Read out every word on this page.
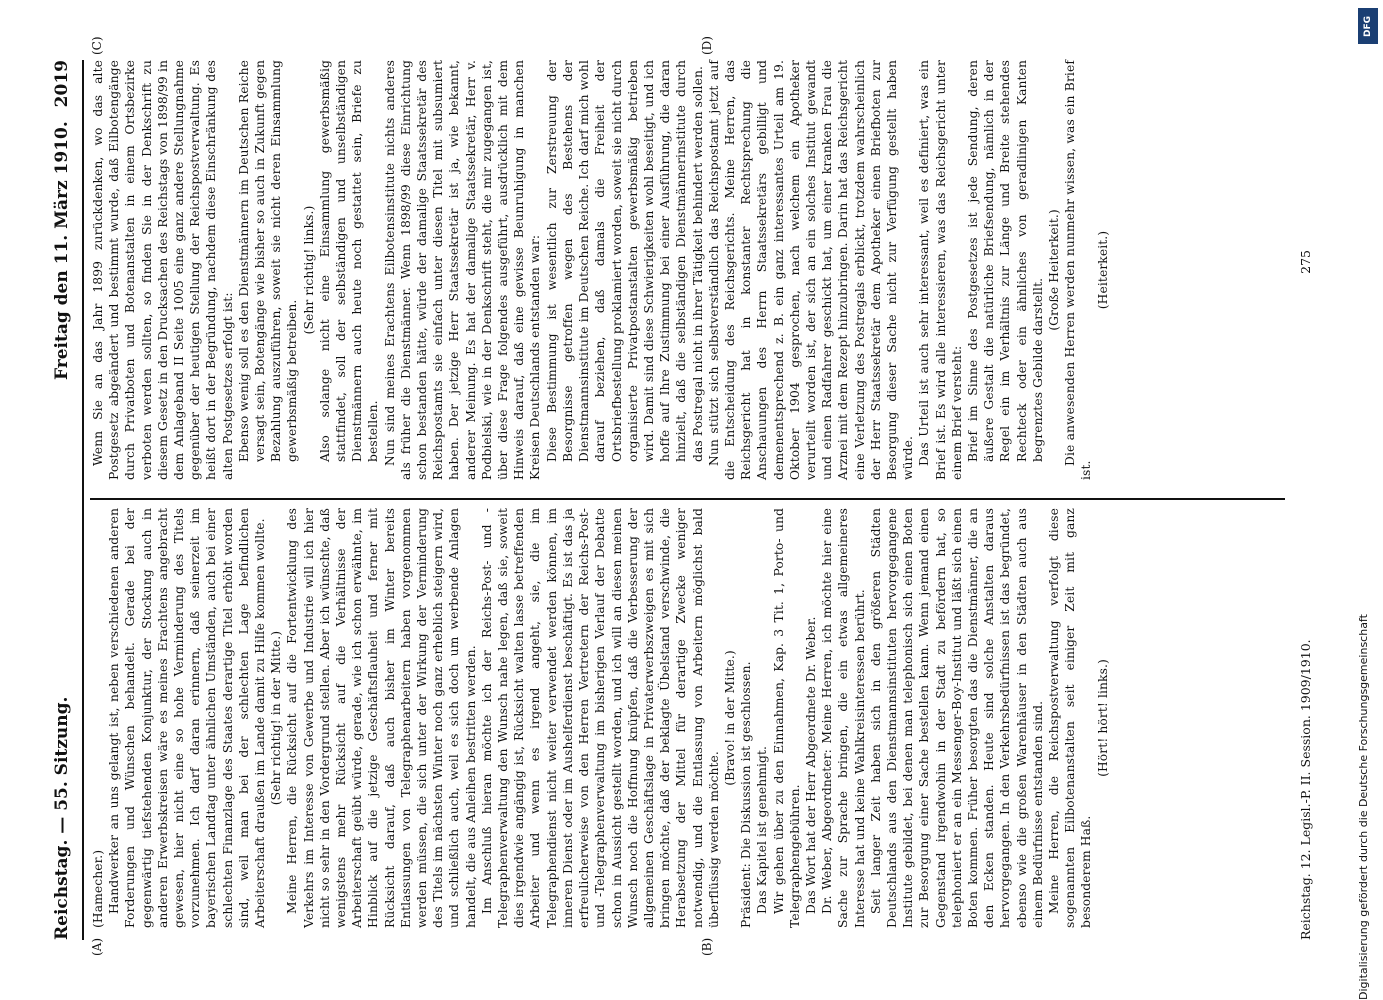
Reichstag. — 55. Sitzung.
Freitag den 11. März 1910.
2019
(A)	(B)
(C)	(D)

(Hamecher.) Handwerker an uns gelangt ist, neben verschiedenen anderen Forderungen und Wünschen behandelt. Gerade bei der gegenwärtig tiefstehenden Konjunktur, der Stockung auch in anderen Erwerbskreisen wäre es meines Erachtens angebracht gewesen, hier nicht eine so hohe Verminderung des Titels vorzunehmen. Ich darf daran erinnern, daß seinerzeit im bayerischen Landtag unter ähnlichen Umständen, auch bei einer schlechten Finanzlage des Staates derartige Titel erhöht worden sind, weil man bei der schlechten Lage befindlichen Arbeiterschaft draußen im Lande damit zu Hilfe kommen wollte. (Sehr richtig! in der Mitte.) Meine Herren, die Rücksicht auf die Fortentwicklung des Verkehrs im Interesse von Gewerbe und Industrie will ich hier nicht so sehr in den Vordergrund stellen. Aber ich wünschte, daß wenigstens mehr Rücksicht auf die Verhältnisse der Arbeiterschaft geübt würde, gerade, wie ich schon erwähnte, im Hinblick auf die jetzige Geschäftsflauheit und ferner mit Rücksicht darauf, daß auch bisher im Winter bereits Entlassungen von Telegraphenarbeitern haben vorgenommen werden müssen, die sich unter der Wirkung der Verminderung des Titels im nächsten Winter noch ganz erheblich steigern wird, und schließlich auch, weil es sich doch um werbende Anlagen handelt, die aus Anleihen bestritten werden. Im Anschluß hieran möchte ich der Reichs-Post- und -Telegraphenverwaltung den Wunsch nahe legen, daß sie, soweit dies irgendwie angängig ist, Rücksicht walten lasse betreffenden Arbeiter und wenn es irgend angeht, sie, die im Telegraphendienst nicht weiter verwendet werden können, im inneren Dienst oder im Aushelferdienst beschäftigt. Es ist das ja erfreulicherweise von den Herren Vertretern der Reichs-Post- und -Telegraphenverwaltung im bisherigen Verlauf der Debatte schon in Aussicht gestellt worden, und ich will an diesen meinen Wunsch noch die Hoffnung knüpfen, daß die Verbesserung der allgemeinen Geschäftslage in Privaterwerbszweigen es mit sich bringen möchte, daß der beklagte Übelstand verschwinde, die Herabsetzung der Mittel für derartige Zwecke weniger notwendig, und die Entlassung von Arbeitern möglichst bald überflüssig werden möchte.

(Bravo! in der Mitte.) Präsident: Die Diskussion ist geschlossen. Das Kapitel ist genehmigt. Wir gehen über zu den Einnahmen, Kap. 3 Tit. 1, Porto- und Telegraphengebühren. Das Wort hat der Herr Abgeordnete Dr. Weber. Dr. Weber, Abgeordneter: Meine Herren, ich möchte hier eine Sache zur Sprache bringen, die ein etwas allgemeineres Interesse hat und keine Wahlkreisinteressen berührt. Seit langer Zeit haben sich in den größeren Städten Deutschlands aus den Dienstmannsinstituten hervorgegangene Institute gebildet, bei denen man telephonisch sich einen Boten zur Besorgung einer Sache bestellen kann. Wenn jemand einen Gegenstand irgendwohin in der Stadt zu befördern hat, so telephoniert er an ein Messenger-Boy-Institut und läßt sich einen Boten kommen. Früher besorgten das die Dienstmänner, die an den Ecken standen. Heute sind solche Anstalten daraus hervorgegangen. In den Verkehrsbedürfnissen ist das begründet, ebenso wie die großen Warenhäuser in den Städten auch aus einem Bedürfnisse entstanden sind. Meine Herren, die Reichspostverwaltung verfolgt diese sogenannten Eilbotenanstalten seit einiger Zeit mit ganz besonderem Haß.

(Hört! hört! links.)

Wenn Sie an das Jahr 1899 zurückdenken, wo das alte Postgesetz abgeändert und bestimmt wurde, daß Eilbotengänge durch Privatboten und Botenanstalten in einem Ortsbezirke verboten werden sollten, so finden Sie in der Denkschrift zu diesem Gesetz in den Drucksachen des Reichstags von 1898/99 in dem Anlageband II Seite 1005 eine ganz andere Stellungnahme gegenüber der heutigen Stellung der Reichspostverwaltung. Es heißt dort in der Begründung, nachdem diese Einschränkung des alten Postgesetzes erfolgt ist: Ebenso wenig soll es den Dienstmännern im Deutschen Reiche versagt sein, Botengänge wie bisher so auch in Zukunft gegen Bezahlung auszuführen, soweit sie nicht deren Einsammlung gewerbsmäßig betreiben.

(Sehr richtig! links.) Also solange nicht eine Einsammlung gewerbsmäßig stattfindet, soll der selbständigen und unselbständigen Dienstmännern auch heute noch gestattet sein, Briefe zu bestellen. Nun sind meines Erachtens Eilbotensinstitute nichts anderes als früher die Dienstmänner. Wenn 1898/99 diese Einrichtung schon bestanden hätte, würde der damalige Staatssekretär des Reichspostamts sie einfach unter diesen Titel mit subsumiert haben. Der jetzige Herr Staatssekretär ist ja, wie bekannt, anderer Meinung. Es hat der damalige Staatssekretär, Herr v. Podbielski, wie in der Denkschrift steht, die mir zugegangen ist, über diese Frage folgendes ausgeführt, ausdrücklich mit dem Hinweis darauf, daß eine gewisse Beunruhigung in manchen Kreisen Deutschlands entstanden war: Diese Bestimmung ist wesentlich zur Zerstreuung der Besorgnisse getroffen wegen des Bestehens der Dienstmannsinstitute im Deutschen Reiche. Ich darf mich wohl darauf beziehen, daß damals die Freiheit der Ortsbriefbestellung proklamiert worden, soweit sie nicht durch organisierte Privatpostanstalten gewerbsmäßig betrieben wird. Damit sind diese Schwierigkeiten wohl beseitigt, und ich hoffe auf Ihre Zustimmung bei einer Ausführung, die daran hinzielt, daß die selbständigen Dienstmännerinstitute durch das Postregal nicht in ihrer Tätigkeit behindert werden sollen. Nun stützt sich selbstverständlich das Reichspostamt jetzt auf die Entscheidung des Reichsgerichts. Meine Herren, das Reichsgericht hat in konstanter Rechtsprechung die Anschauungen des Herrn Staatssekretärs gebilligt und demenentsprechend z. B. ein ganz interessantes Urteil am 19. Oktober 1904 gesprochen, nach welchem ein Apotheker verurteilt worden ist, der sich an ein solches Institut gewandt und einen Radfahrer geschickt hat, um einer kranken Frau die Arznei mit dem Rezept hinzubringen. Darin hat das Reichsgericht eine Verletzung des Postregals erblickt, trotzdem wahrscheinlich der Herr Staatssekretär dem Apotheker einen Briefboten zur Besorgung dieser Sache nicht zur Verfügung gestellt haben würde. Das Urteil ist auch sehr interessant, weil es definiert, was ein Brief ist. Es wird alle interessieren, was das Reichsgericht unter einem Brief versteht: Brief im Sinne des Postgesetzes ist jede Sendung, deren äußere Gestalt die natürliche Briefsendung, nämlich in der Regel ein im Verhältnis zur Länge und Breite stehendes Rechteck oder ein ähnliches von geradlinigen Kanten begrenztes Gebilde darstellt.

(Große Heiterkeit.) Die anwesenden Herren werden nunmehr wissen, was ein Brief ist.

(Heiterkeit.)

Reichstag. 12. Legisl.-P. II. Session. 1909/1910.
275
Digitalisierung gefördert durch die Deutsche Forschungsgemeinschaft
DFG
